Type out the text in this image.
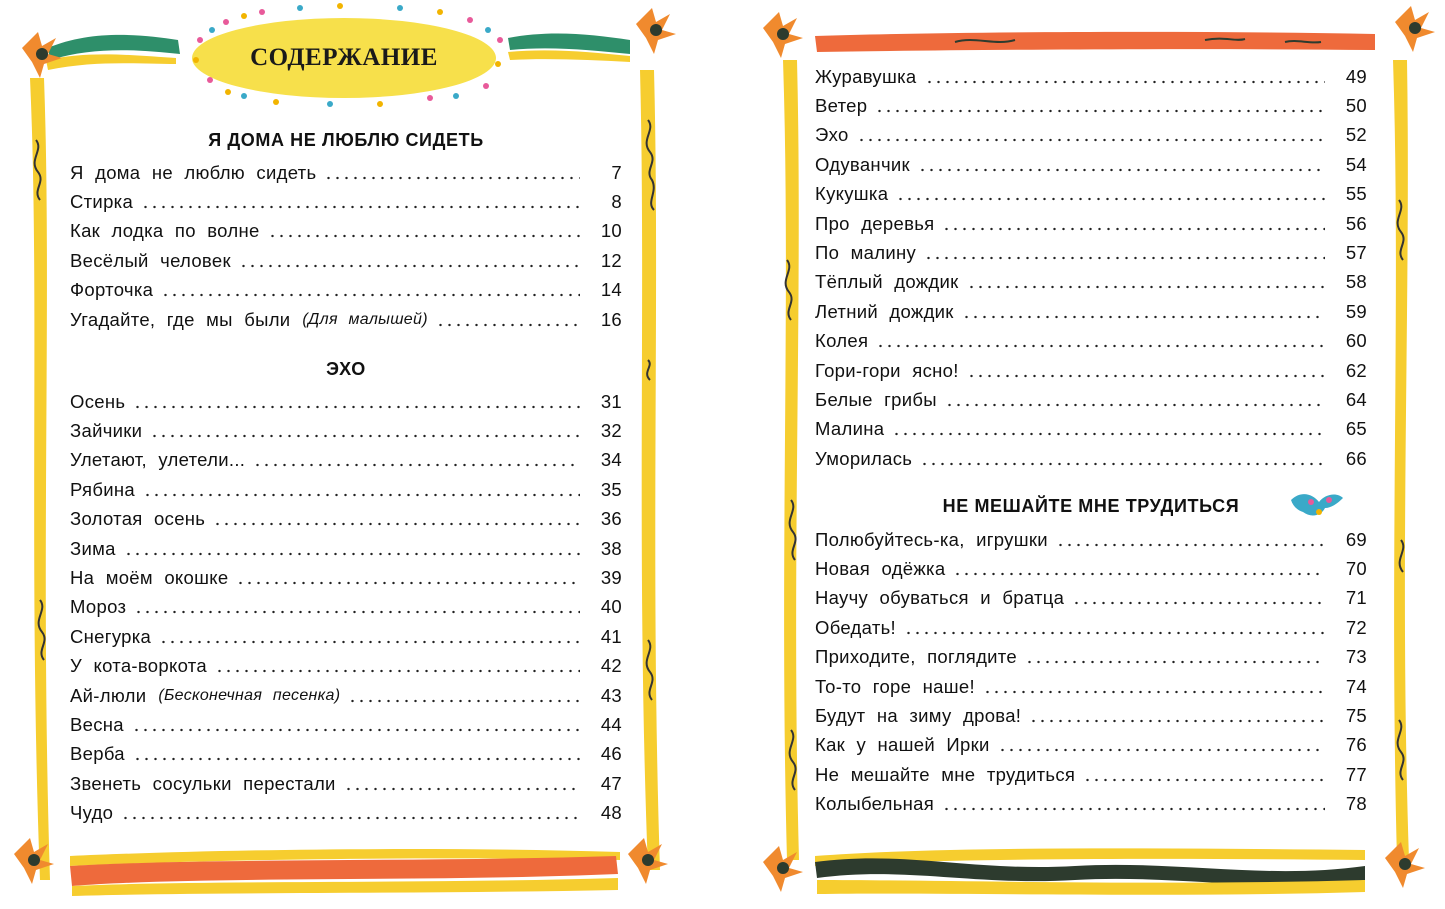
СОДЕРЖАНИЕ
Я ДОМА НЕ ЛЮБЛЮ СИДЕТЬ
Я дома не люблю сидеть	7
Стирка	8
Как лодка по волне	10
Весёлый человек	12
Форточка	14
Угадайте, где мы были (Для малышей)	16
ЭХО
Осень	31
Зайчики	32
Улетают, улетели...	34
Рябина	35
Золотая осень	36
Зима	38
На моём окошке	39
Мороз	40
Снегурка	41
У кота-воркота	42
Ай-люли (Бесконечная песенка)	43
Весна	44
Верба	46
Звенеть сосульки перестали	47
Чудо	48
Журавушка	49
Ветер	50
Эхо	52
Одуванчик	54
Кукушка	55
Про деревья	56
По малину	57
Тёплый дождик	58
Летний дождик	59
Колея	60
Гори-гори ясно!	62
Белые грибы	64
Малина	65
Уморилась	66
НЕ МЕШАЙТЕ МНЕ ТРУДИТЬСЯ
Полюбуйтесь-ка, игрушки	69
Новая одёжка	70
Научу обуваться и братца	71
Обедать!	72
Приходите, поглядите	73
То-то горе наше!	74
Будут на зиму дрова!	75
Как у нашей Ирки	76
Не мешайте мне трудиться	77
Колыбельная	78
